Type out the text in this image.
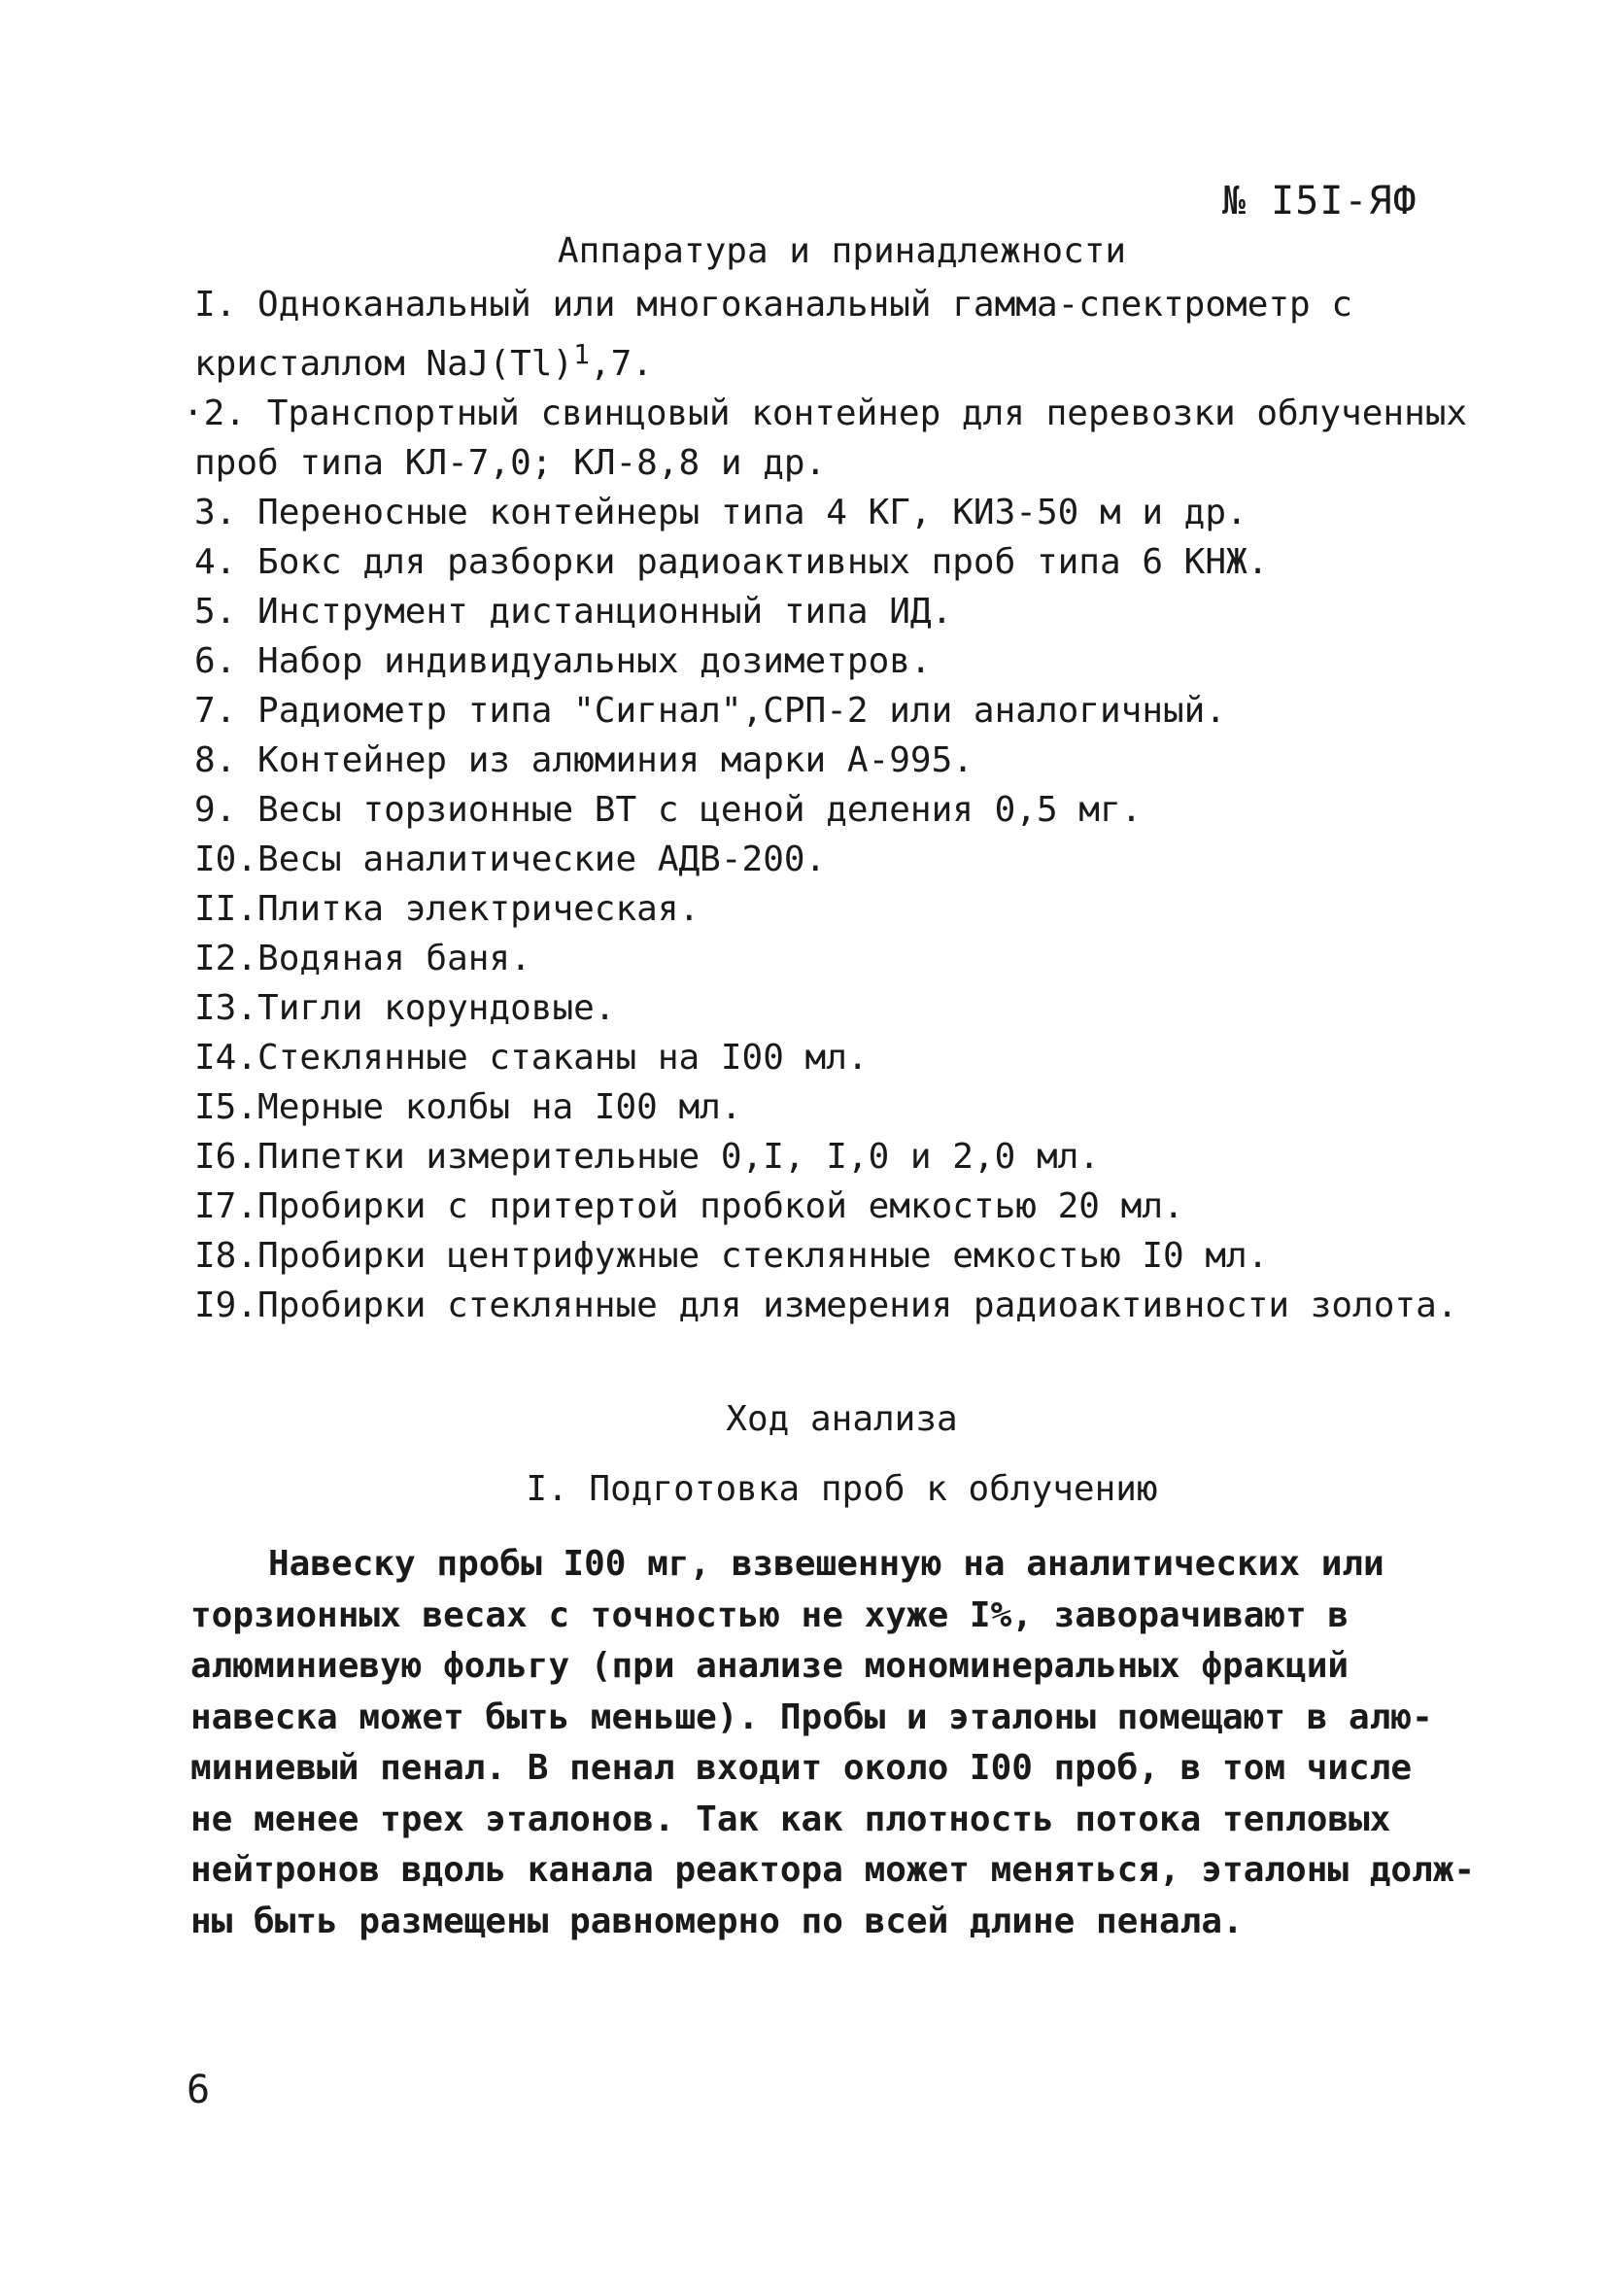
№ I5I-ЯФ
Аппаратура и принадлежности
I. Одноканальный или многоканальный гамма-спектрометр с
кристаллом $NaJ(Tl)^1,7$.
·2. Транспортный свинцовый контейнер для перевозки облученных
проб типа КЛ-7,0; КЛ-8,8 и др.
3. Переносные контейнеры типа 4 КГ, КИЗ-50 м и др.
4. Бокс для разборки радиоактивных проб типа 6 КНЖ.
5. Инструмент дистанционный типа ИД.
6. Набор индивидуальных дозиметров.
7. Радиометр типа "Сигнал",СРП-2 или аналогичный.
8. Контейнер из алюминия марки А-995.
9. Весы торзионные ВТ с ценой деления 0,5 мг.
I0.Весы аналитические АДВ-200.
II.Плитка электрическая.
I2.Водяная баня.
I3.Тигли корундовые.
I4.Стеклянные стаканы на I00 мл.
I5.Мерные колбы на I00 мл.
I6.Пипетки измерительные 0,I, I,0 и 2,0 мл.
I7.Пробирки с притертой пробкой емкостью 20 мл.
I8.Пробирки центрифужные стеклянные емкостью I0 мл.
I9.Пробирки стеклянные для измерения радиоактивности золота.
Ход анализа
I. Подготовка проб к облучению
Навеску пробы I00 мг, взвешенную на аналитических или
торзионных весах с точностью не хуже I%, заворачивают в
алюминиевую фольгу (при анализе мономинеральных фракций
навеска может быть меньше). Пробы и эталоны помещают в алю-
миниевый пенал. В пенал входит около I00 проб, в том числе
не менее трех эталонов. Так как плотность потока тепловых
нейтронов вдоль канала реактора может меняться, эталоны долж-
ны быть размещены равномерно по всей длине пенала.
6
